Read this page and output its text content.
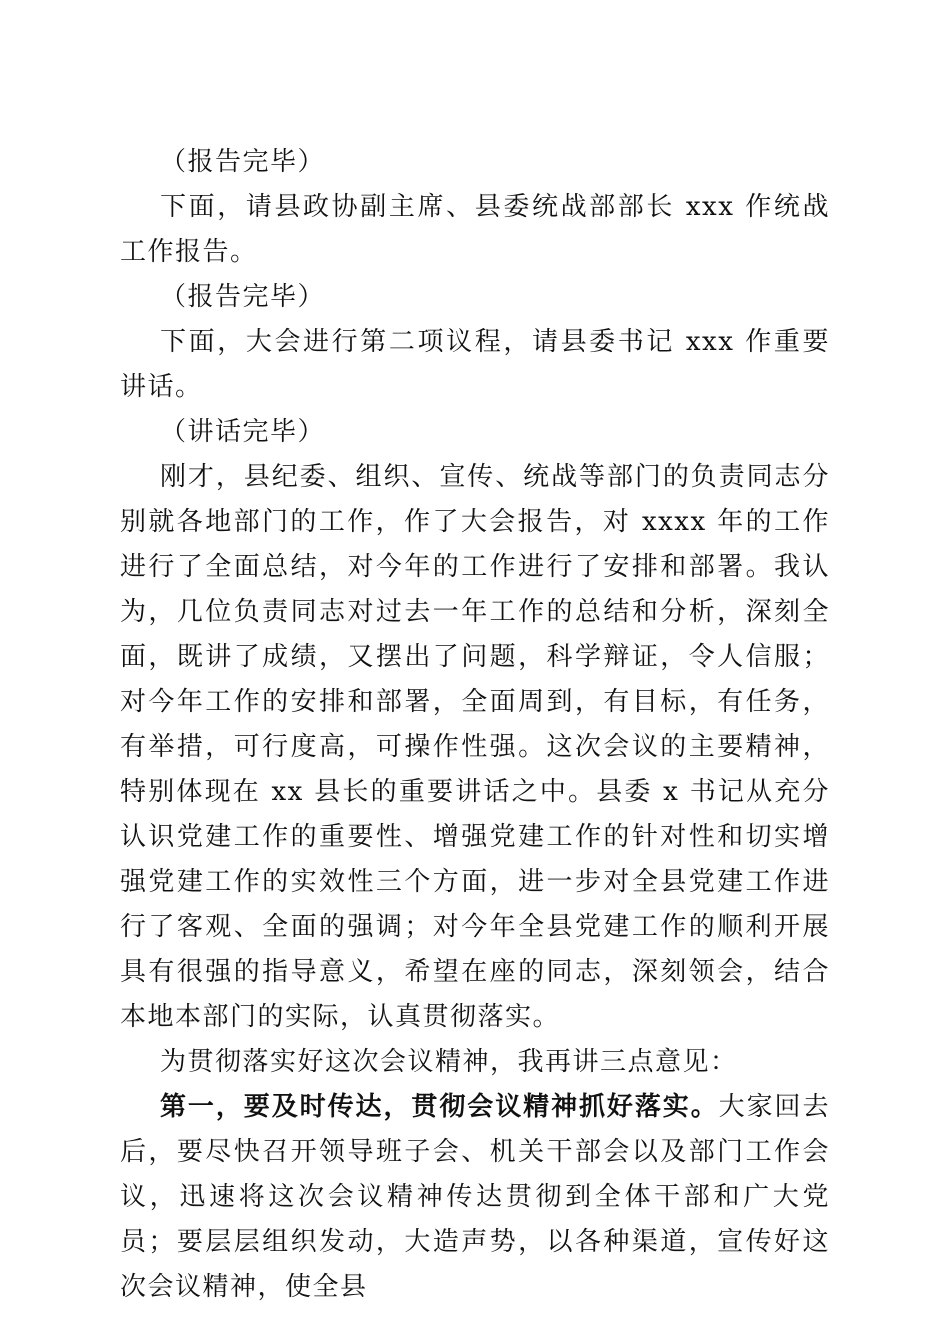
（报告完毕）

下面，请县政协副主席、县委统战部部长 xxx 作统战工作报告。

（报告完毕）

下面，大会进行第二项议程，请县委书记 xxx 作重要讲话。

（讲话完毕）

刚才，县纪委、组织、宣传、统战等部门的负责同志分别就各地部门的工作，作了大会报告，对 xxxx 年的工作进行了全面总结，对今年的工作进行了安排和部署。我认为，几位负责同志对过去一年工作的总结和分析，深刻全面，既讲了成绩，又摆出了问题，科学辩证，令人信服；对今年工作的安排和部署，全面周到，有目标，有任务，有举措，可行度高，可操作性强。这次会议的主要精神，特别体现在 xx 县长的重要讲话之中。县委 x 书记从充分认识党建工作的重要性、增强党建工作的针对性和切实增强党建工作的实效性三个方面，进一步对全县党建工作进行了客观、全面的强调；对今年全县党建工作的顺利开展具有很强的指导意义，希望在座的同志，深刻领会，结合本地本部门的实际，认真贯彻落实。

为贯彻落实好这次会议精神，我再讲三点意见：

第一，要及时传达，贯彻会议精神抓好落实。大家回去后，要尽快召开领导班子会、机关干部会以及部门工作会议，迅速将这次会议精神传达贯彻到全体干部和广大党员；要层层组织发动，大造声势，以各种渠道，宣传好这次会议精神，使全县
